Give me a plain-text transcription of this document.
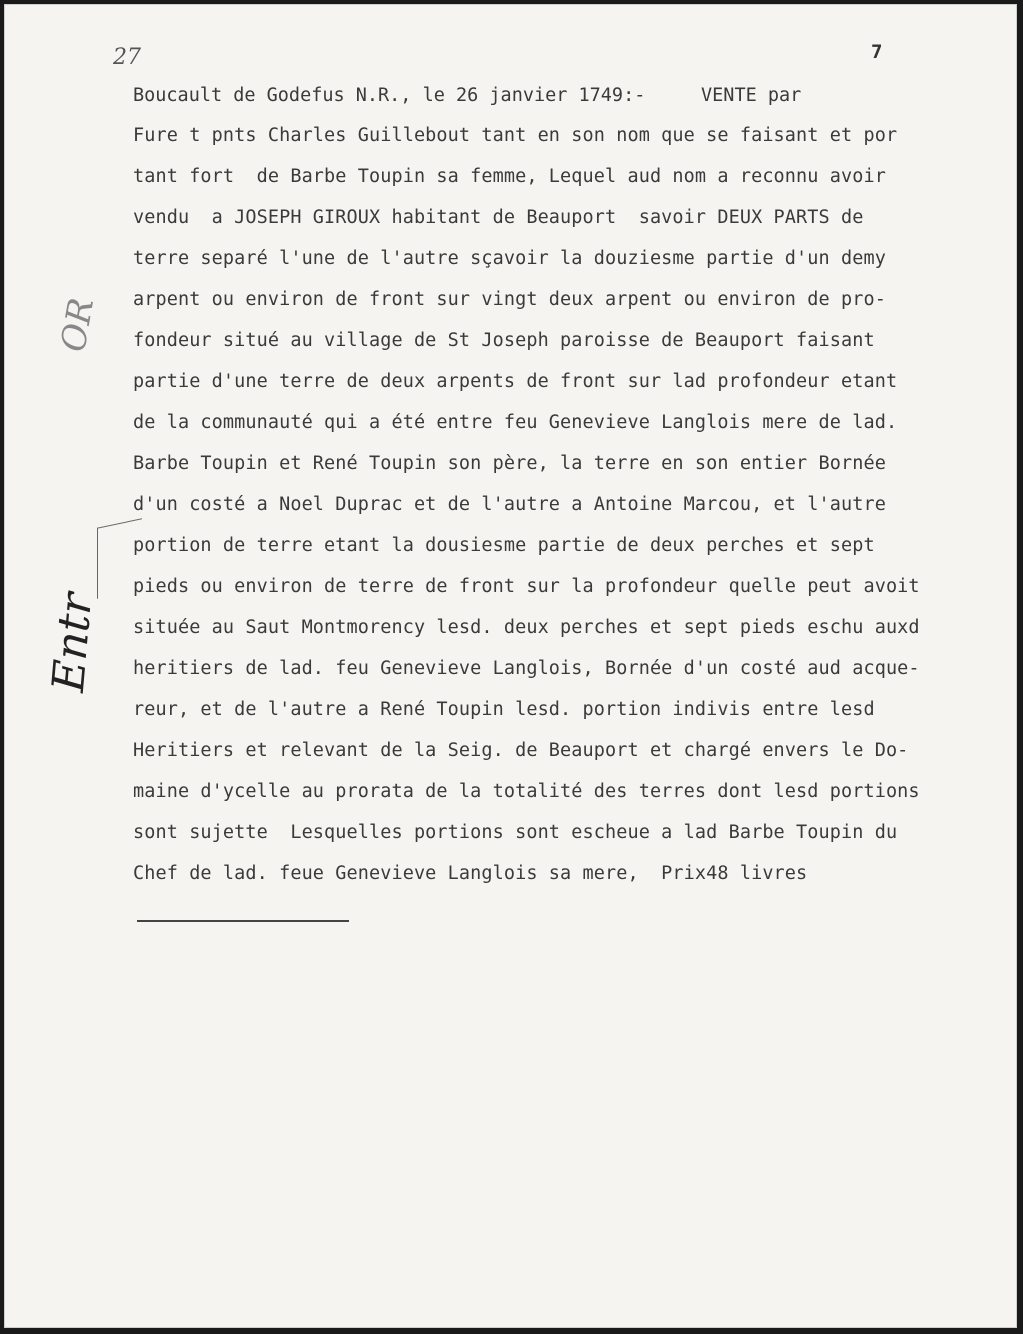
27	7
OR
Entr
Boucault de Godefus N.R., le 26 janvier 1749:-     VENTE par
Fure t pnts Charles Guillebout tant en son nom que se faisant et por
tant fort  de Barbe Toupin sa femme, Lequel aud nom a reconnu avoir
vendu  a JOSEPH GIROUX habitant de Beauport  savoir DEUX PARTS de
terre separé l'une de l'autre sçavoir la douziesme partie d'un demy
arpent ou environ de front sur vingt deux arpent ou environ de pro-
fondeur situé au village de St Joseph paroisse de Beauport faisant
partie d'une terre de deux arpents de front sur lad profondeur etant
de la communauté qui a été entre feu Genevieve Langlois mere de lad.
Barbe Toupin et René Toupin son père, la terre en son entier Bornée
d'un costé a Noel Duprac et de l'autre a Antoine Marcou, et l'autre
portion de terre etant la dousiesme partie de deux perches et sept
pieds ou environ de terre de front sur la profondeur quelle peut avoit
située au Saut Montmorency lesd. deux perches et sept pieds eschu auxd
heritiers de lad. feu Genevieve Langlois, Bornée d'un costé aud acque-
reur, et de l'autre a René Toupin lesd. portion indivis entre lesd
Heritiers et relevant de la Seig. de Beauport et chargé envers le Do-
maine d'ycelle au prorata de la totalité des terres dont lesd portions
sont sujette  Lesquelles portions sont escheue a lad Barbe Toupin du
Chef de lad. feue Genevieve Langlois sa mere,  Prix48 livres
